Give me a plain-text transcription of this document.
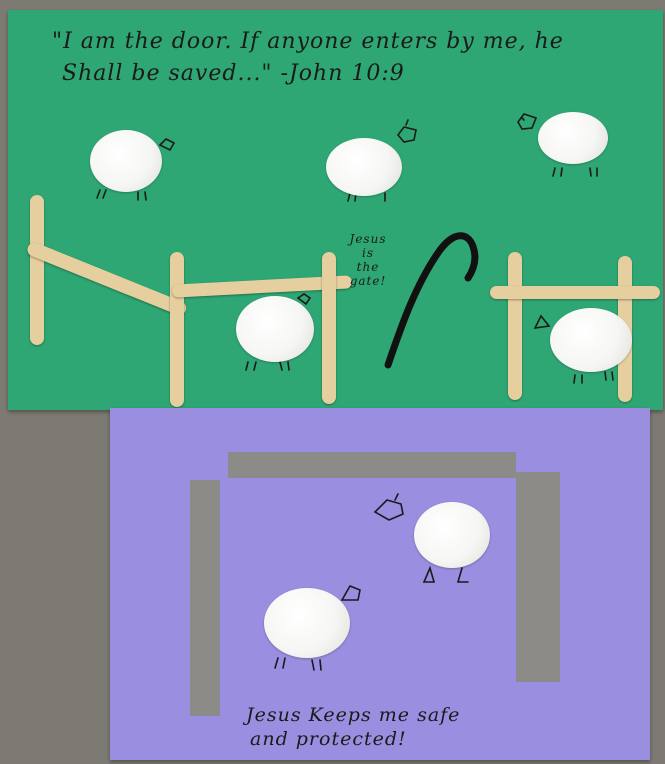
"I am the door. If anyone enters by me, he
Shall be saved..." -John 10:9
Jesus
is
the
gate!
Jesus Keeps me safe
and protected!
